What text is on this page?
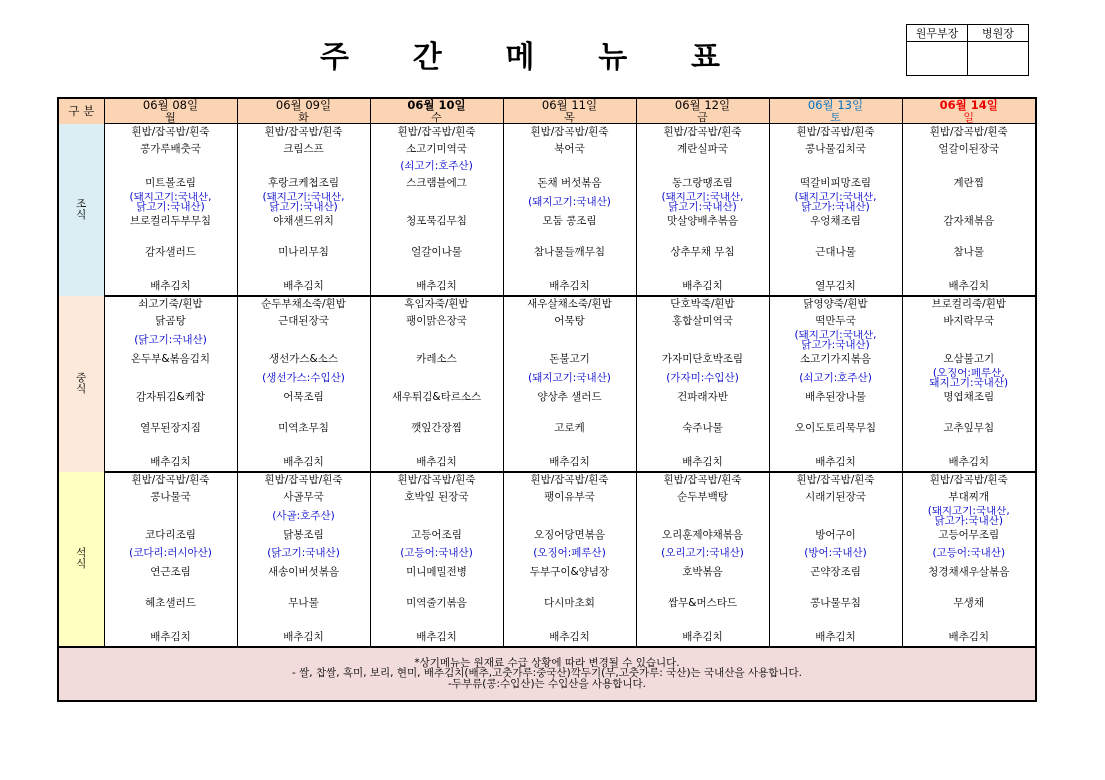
주 간 메 뉴 표
원무부장	병원장

구 분	06월 08일	06월 09일	06월 10일	06월 11일	06월 12일	06월 13일	06월 14일
	월	화	수	목	금	토	일
조식	흰밥/잡곡밥/흰죽	흰밥/잡곡밥/흰죽	흰밥/잡곡밥/흰죽	흰밥/잡곡밥/흰죽	흰밥/잡곡밥/흰죽	흰밥/잡곡밥/흰죽	흰밥/잡곡밥/흰죽
	콩가루배춧국	크림스프	소고기미역국	북어국	계란실파국	콩나물김치국	얼갈이된장국
			(쇠고기:호주산)				
	미트볼조림	후랑크케첩조림	스크램블에그	돈채 버섯볶음	동그랑땡조림	떡갈비피망조림	계란찜
	(돼지고기:국내산,
닭고기:국내산)	(돼지고기:국내산,
닭고기:국내산)		(돼지고기:국내산)	(돼지고기:국내산,
닭고기:국내산)	(돼지고기:국내산,
닭고가:국내산)	
	브로컬리두부무침	야채샌드위치	청포묵김무침	모둠 콩조림	맛살양배추볶음	우엉채조림	감자채볶음

	감자샐러드	미나리무침	얼갈이나물	참나물들깨무침	상추무채 무침	근대나물	참나물

	배추김치	배추김치	배추김치	배추김치	배추김치	열무김치	배추김치
중식	쇠고기죽/흰밥	순두부채소죽/흰밥	흑임자죽/흰밥	새우살채소죽/흰밥	단호박죽/흰밥	닭영양죽/흰밥	브로컬리죽/흰밥
	닭곰탕	근대된장국	팽이맑은장국	어묵탕	홍합살미역국	떡만두국	바지락무국
	(닭고기:국내산)					(돼지고기:국내산,
닭고가:국내산)	
	온두부&볶음김치	생선가스&소스	카레소스	돈불고기	가자미단호박조림	소고기가지볶음	오삼불고기
		(생선가스:수입산)		(돼지고기:국내산)	(가자미:수입산)	(쇠고기:호주산)	(오징어:페루산,
돼지고기:국내산)
	감자튀김&케찹	어묵조림	새우튀김&타르소스	양상추 샐러드	건파래자반	배추된장나물	명엽채조림

	열무된장지짐	미역초무침	깻잎간장찜	고로케	숙주나물	오이도토리묵무침	고추잎무침

	배추김치	배추김치	배추김치	배추김치	배추김치	배추김치	배추김치
석식	흰밥/잡곡밥/흰죽	흰밥/잡곡밥/흰죽	흰밥/잡곡밥/흰죽	흰밥/잡곡밥/흰죽	흰밥/잡곡밥/흰죽	흰밥/잡곡밥/흰죽	흰밥/잡곡밥/흰죽
	콩나물국	사골무국	호박잎 된장국	팽이유부국	순두부백탕	시래기된장국	부대찌개
		(사골:호주산)					(돼지고기:국내산,
닭고가:국내산)
	코다리조림	닭봉조림	고등어조림	오징어당면볶음	오리훈제야채볶음	방어구이	고등어무조림
	(코다리:러시아산)	(닭고기:국내산)	(고등어:국내산)	(오징어:페루산)	(오리고기:국내산)	(방어:국내산)	(고등어:국내산)
	연근조림	새송이버섯볶음	미니메밀전병	두부구이&양념장	호박볶음	곤약장조림	청경채새우살볶음

	헤초샐러드	무나물	미역줄기볶음	다시마초회	쌈무&머스타드	콩나물무침	무생채

	배추김치	배추김치	배추김치	배추김치	배추김치	배추김치	배추김치

*상기메뉴는 원재료 수급 상황에 따라 변경될 수 있습니다.
- 쌀, 찹쌀, 흑미, 보리, 현미, 배추김치(배추,고춧가루:중국산)깍두기(무,고춧가루: 국산)는 국내산을 사용합니다.
-두부류(콩:수입산)는 수입산을 사용합니다.							
